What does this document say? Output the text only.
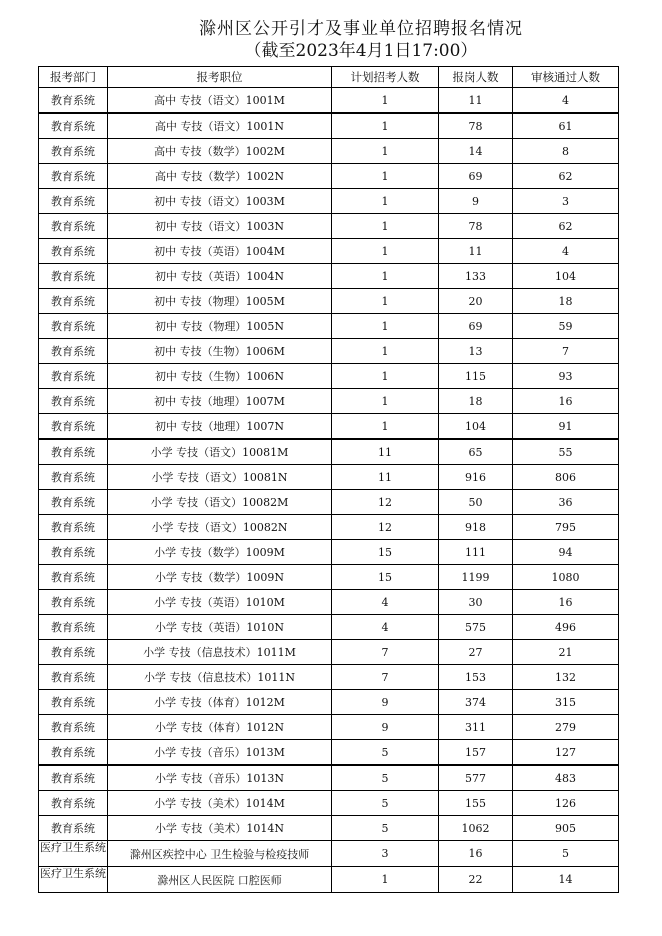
滁州区公开引才及事业单位招聘报名情况
（截至2023年4月1日17:00）
报考部门	报考职位	计划招考人数	报岗人数	审核通过人数
教育系统	高中 专技（语文）1001M	1	11	4
教育系统	高中 专技（语文）1001N	1	78	61
教育系统	高中 专技（数学）1002M	1	14	8
教育系统	高中 专技（数学）1002N	1	69	62
教育系统	初中 专技（语文）1003M	1	9	3
教育系统	初中 专技（语文）1003N	1	78	62
教育系统	初中 专技（英语）1004M	1	11	4
教育系统	初中 专技（英语）1004N	1	133	104
教育系统	初中 专技（物理）1005M	1	20	18
教育系统	初中 专技（物理）1005N	1	69	59
教育系统	初中 专技（生物）1006M	1	13	7
教育系统	初中 专技（生物）1006N	1	115	93
教育系统	初中 专技（地理）1007M	1	18	16
教育系统	初中 专技（地理）1007N	1	104	91
教育系统	小学 专技（语文）10081M	11	65	55
教育系统	小学 专技（语文）10081N	11	916	806
教育系统	小学 专技（语文）10082M	12	50	36
教育系统	小学 专技（语文）10082N	12	918	795
教育系统	小学 专技（数学）1009M	15	111	94
教育系统	小学 专技（数学）1009N	15	1199	1080
教育系统	小学 专技（英语）1010M	4	30	16
教育系统	小学 专技（英语）1010N	4	575	496
教育系统	小学 专技（信息技术）1011M	7	27	21
教育系统	小学 专技（信息技术）1011N	7	153	132
教育系统	小学 专技（体育）1012M	9	374	315
教育系统	小学 专技（体育）1012N	9	311	279
教育系统	小学 专技（音乐）1013M	5	157	127
教育系统	小学 专技（音乐）1013N	5	577	483
教育系统	小学 专技（美术）1014M	5	155	126
教育系统	小学 专技（美术）1014N	5	1062	905
医疗卫生系统	滁州区疾控中心 卫生检验与检疫技师	3	16	5
医疗卫生系统	滁州区人民医院 口腔医师	1	22	14
